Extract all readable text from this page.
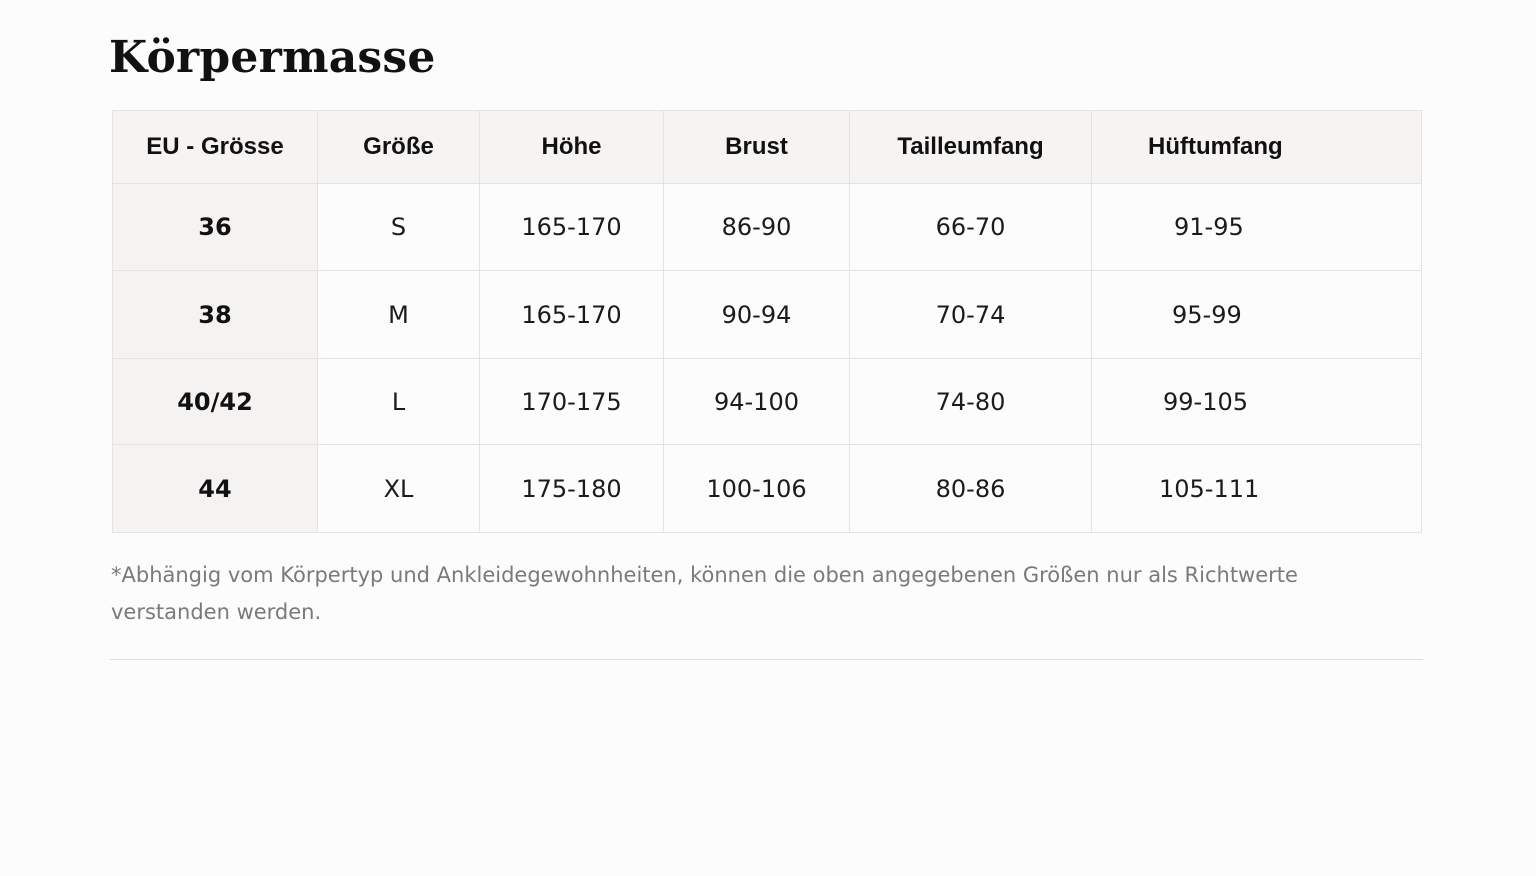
Körpermasse
EU - Grösse	Größe	Höhe	Brust	Tailleumfang	Hüftumfang
36	S	165-170	86-90	66-70	91-95
38	M	165-170	90-94	70-74	95-99
40/42	L	170-175	94-100	74-80	99-105
44	XL	175-180	100-106	80-86	105-111

*Abhängig vom Körpertyp und Ankleidegewohnheiten, können die oben angegebenen Größen nur als Richtwerte verstanden werden.
